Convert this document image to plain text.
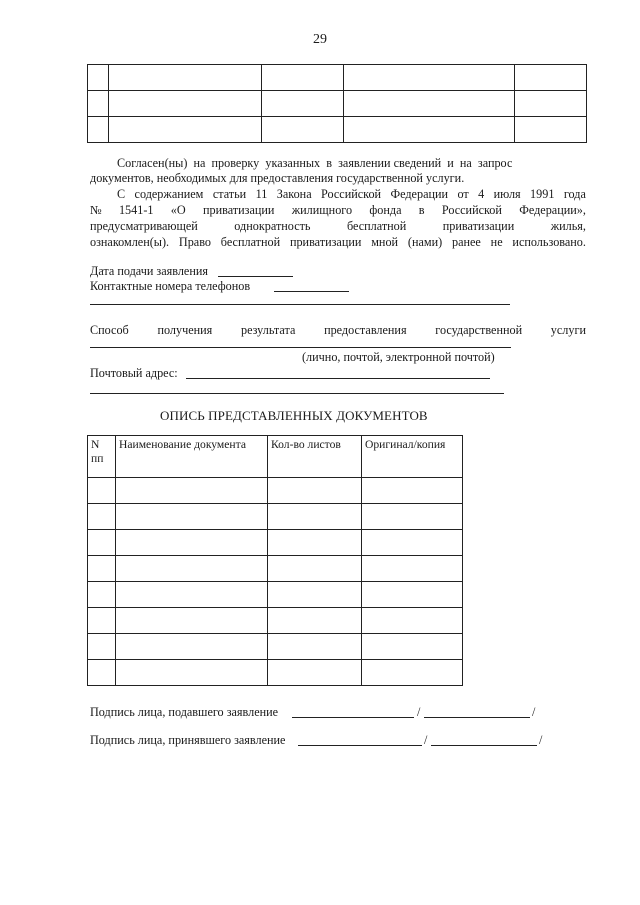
29

Согласен(ны)  на  проверку  указанных  в  заявлении сведений  и  на  запрос
документов, необходимых для предоставления государственной услуги.
С содержанием статьи 11 Закона Российской Федерации от 4 июля 1991 года
№ 1541-1 «О приватизации жилищного фонда в Российской Федерации»,
предусматривающей	однократность	бесплатной	приватизации	жилья,
ознакомлен(ы). Право бесплатной приватизации мной (нами) ранее не использовано.
Дата подачи заявления
Контактные номера телефонов
Способ получения результата предоставления государственной услуги
(лично, почтой, электронной почтой)
Почтовый адрес:
ОПИСЬ ПРЕДСТАВЛЕННЫХ ДОКУМЕНТОВ
N пп	Наименование документа	Кол-во листов	Оригинал/копия

Подпись лица, подавшего заявление	/	/
Подпись лица, принявшего заявление	/	/
